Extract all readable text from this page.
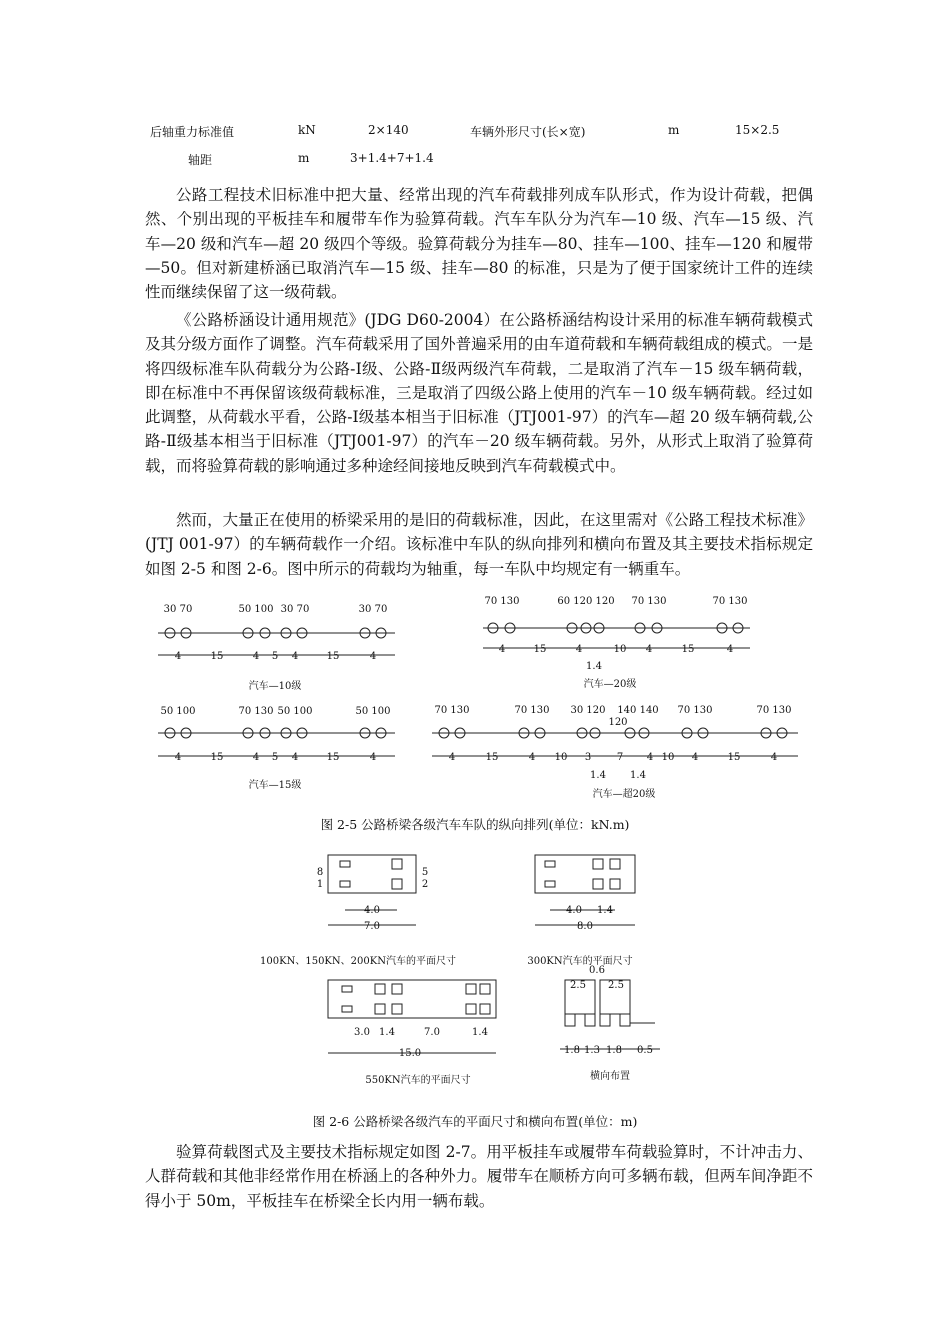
后轴重力标准值	kN	2×140	车辆外形尺寸(长×宽)	m	15×2.5
轴距	m	3+1.4+7+1.4

公路工程技术旧标准中把大量、经常出现的汽车荷载排列成车队形式，作为设计荷载，把偶然、个别出现的平板挂车和履带车作为验算荷载。汽车车队分为汽车—10 级、汽车—15 级、汽车—20 级和汽车—超 20 级四个等级。验算荷载分为挂车—80、挂车—100、挂车—120 和履带—50。但对新建桥涵已取消汽车—15 级、挂车—80 的标准，只是为了便于国家统计工件的连续性而继续保留了这一级荷载。

《公路桥涵设计通用规范》(JDG D60-2004）在公路桥涵结构设计采用的标准车辆荷载模式及其分级方面作了调整。汽车荷载采用了国外普遍采用的由车道荷载和车辆荷载组成的模式。一是将四级标准车队荷载分为公路-Ⅰ级、公路-Ⅱ级两级汽车荷载，二是取消了汽车－15 级车辆荷载，即在标准中不再保留该级荷载标准，三是取消了四级公路上使用的汽车－10 级车辆荷载。经过如此调整，从荷载水平看，公路-Ⅰ级基本相当于旧标准（JTJ001-97）的汽车—超 20 级车辆荷载,公路-Ⅱ级基本相当于旧标准（JTJ001-97）的汽车－20 级车辆荷载。另外，从形式上取消了验算荷载，而将验算荷载的影响通过多种途经间接地反映到汽车荷载模式中。

然而，大量正在使用的桥梁采用的是旧的荷载标准，因此，在这里需对《公路工程技术标准》(JTJ 001-97）的车辆荷载作一介绍。该标准中车队的纵向排列和横向布置及其主要技术指标规定如图 2-5 和图 2-6。图中所示的荷载均为轴重，每一车队中均规定有一辆重车。

验算荷载图式及主要技术指标规定如图 2-7。用平板挂车或履带车荷载验算时，不计冲击力、人群荷载和其他非经常作用在桥涵上的各种外力。履带车在顺桥方向可多辆布载，但两车间净距不得小于 50m，平板挂车在桥梁全长内用一辆布载。

30 70	50 100 30 70	30 70
4	15	4 5 4	15	4
汽车—10级
70 130	60 120 120 70 130	70 130
4	15	4	10 4	15	4
1.4
汽车—20级
50 100	70 130 50 100	50 100
4	15	4 5 4	15	4
汽车—15级
70 130	70 130 30 120 140 140 70 130	70 130
120
4	15	4 10 3	7 4 10 4	15	4
1.4 1.4
汽车—超20级
图 2-5 公路桥梁各级汽车车队的纵向排列(单位：kN.m)
4.0
7.0
8
1
5
2
100KN、150KN、200KN汽车的平面尺寸
4.0 1.4
8.0
300KN汽车的平面尺寸
3.0 1.4	7.0	1.4
15.0
550KN汽车的平面尺寸
0.6
2.5 2.5
1.8 1.3 1.8 0.5
横向布置
图 2-6 公路桥梁各级汽车的平面尺寸和横向布置(单位：m)
